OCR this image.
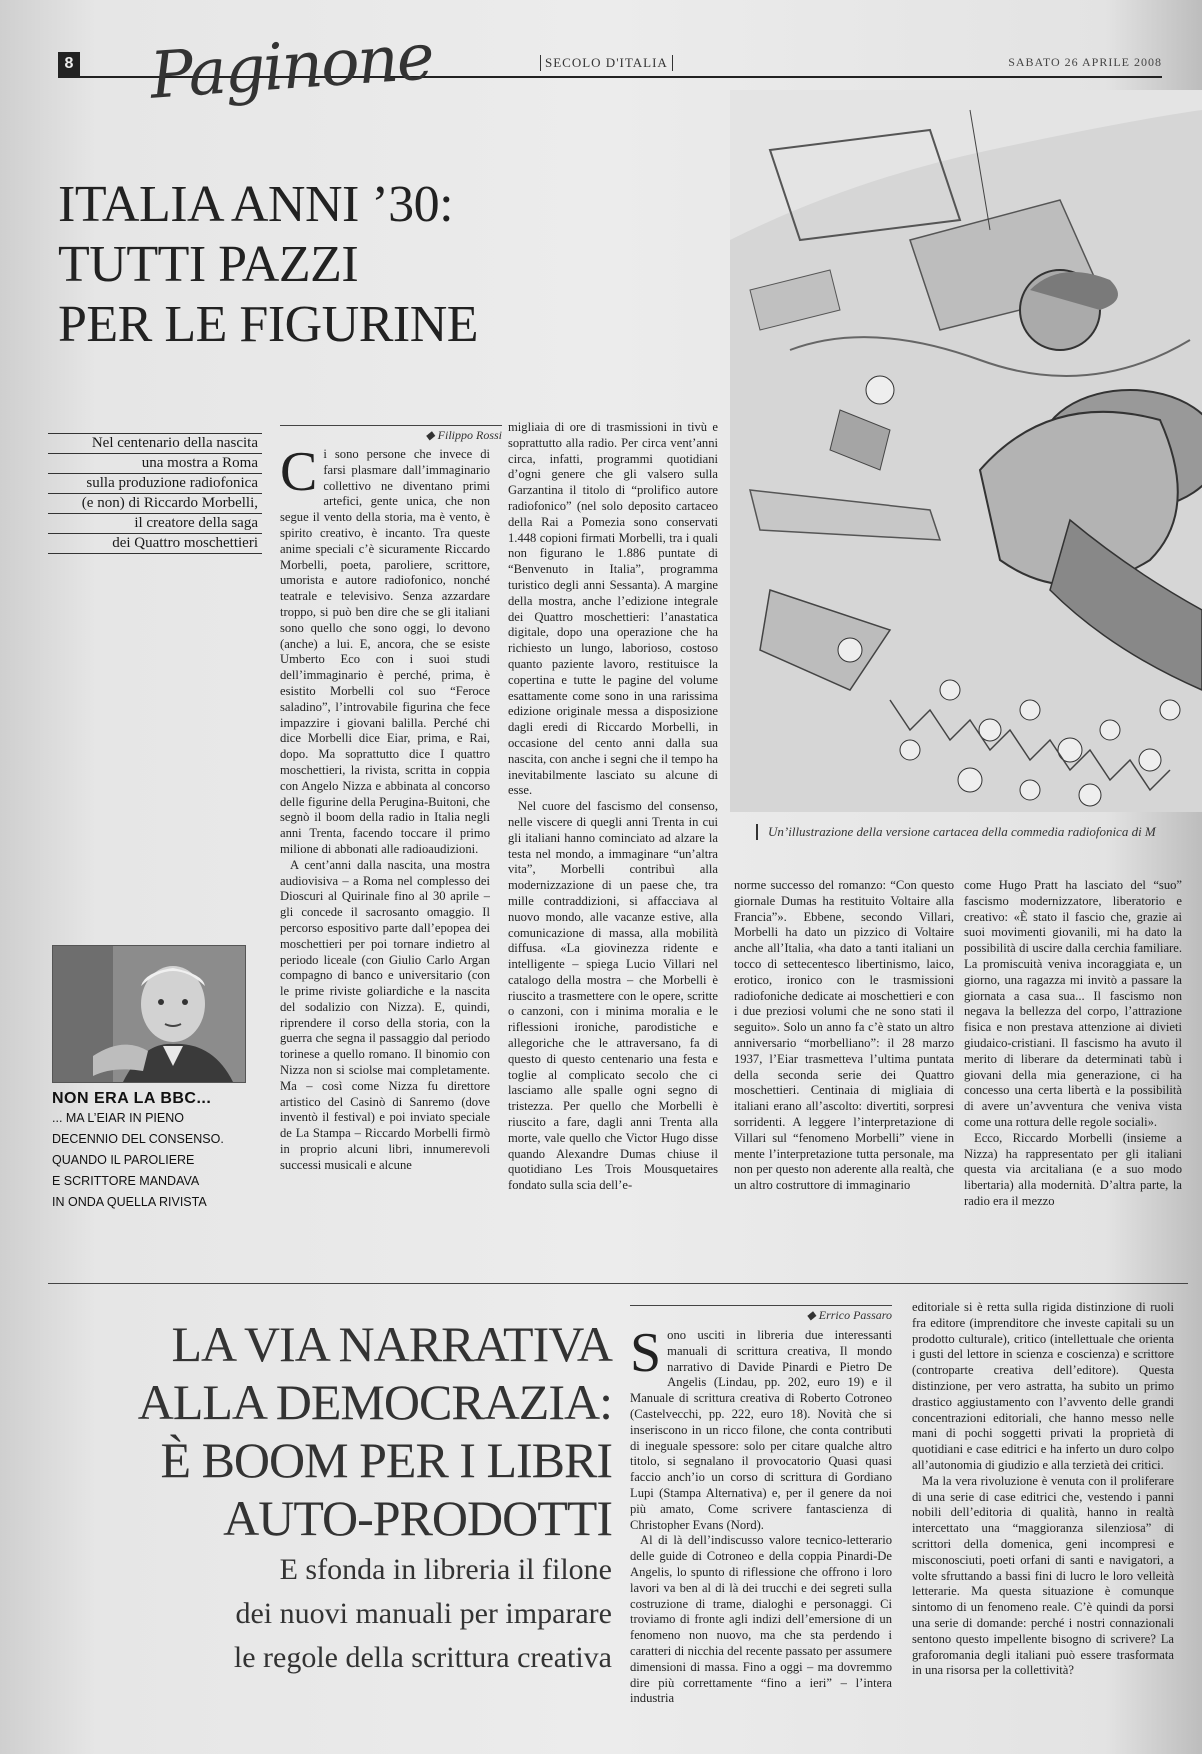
8 Paginone	SECOLO D'ITALIA	SABATO 26 APRILE 2008
ITALIA ANNI ’30:
TUTTI PAZZI
PER LE FIGURINE
Un’illustrazione della versione cartacea della commedia radiofonica di M
Nel centenario della nascita
una mostra a Roma
sulla produzione radiofonica
(e non) di Riccardo Morbelli,
il creatore della saga
dei Quattro moschettieri
◆ Filippo Rossi
C i sono persone che invece di farsi plasmare dall’immaginario collettivo ne diventano primi artefici, gente unica, che non segue il vento della storia, ma è vento, è spirito creativo, è incanto. Tra queste anime speciali c’è sicuramente Riccardo Morbelli, poeta, paroliere, scrittore, umorista e autore radiofonico, nonché teatrale e televisivo. Senza azzardare troppo, si può ben dire che se gli italiani sono quello che sono oggi, lo devono (anche) a lui. E, ancora, che se esiste Umberto Eco con i suoi studi dell’immaginario è perché, prima, è esistito Morbelli col suo “Feroce saladino”, l’introvabile figurina che fece impazzire i giovani balilla. Perché chi dice Morbelli dice Eiar, prima, e Rai, dopo. Ma soprattutto dice I quattro moschettieri, la rivista, scritta in coppia con Angelo Nizza e abbinata al concorso delle figurine della Perugina-Buitoni, che segnò il boom della radio in Italia negli anni Trenta, facendo toccare il primo milione di abbonati alle radioaudizioni.

A cent’anni dalla nascita, una mostra audiovisiva – a Roma nel complesso dei Dioscuri al Quirinale fino al 30 aprile – gli concede il sacrosanto omaggio. Il percorso espositivo parte dall’epopea dei moschettieri per poi tornare indietro al periodo liceale (con Giulio Carlo Argan compagno di banco e universitario (con le prime riviste goliardiche e la nascita del sodalizio con Nizza). E, quindi, riprendere il corso della storia, con la guerra che segna il passaggio dal periodo torinese a quello romano. Il binomio con Nizza non si sciolse mai completamente. Ma – così come Nizza fu direttore artistico del Casinò di Sanremo (dove inventò il festival) e poi inviato speciale de La Stampa – Riccardo Morbelli firmò in proprio alcuni libri, innumerevoli successi musicali e alcune

migliaia di ore di trasmissioni in tivù e soprattutto alla radio. Per circa vent’anni circa, infatti, programmi quotidiani d’ogni genere che gli valsero sulla Garzantina il titolo di “prolifico autore radiofonico” (nel solo deposito cartaceo della Rai a Pomezia sono conservati 1.448 copioni firmati Morbelli, tra i quali non figurano le 1.886 puntate di “Benvenuto in Italia”, programma turistico degli anni Sessanta). A margine della mostra, anche l’edizione integrale dei Quattro moschettieri: l’anastatica digitale, dopo una operazione che ha richiesto un lungo, laborioso, costoso quanto paziente lavoro, restituisce la copertina e tutte le pagine del volume esattamente come sono in una rarissima edizione originale messa a disposizione dagli eredi di Riccardo Morbelli, in occasione del cento anni dalla sua nascita, con anche i segni che il tempo ha inevitabilmente lasciato su alcune di esse.

Nel cuore del fascismo del consenso, nelle viscere di quegli anni Trenta in cui gli italiani hanno cominciato ad alzare la testa nel mondo, a immaginare “un’altra vita”, Morbelli contribuì alla modernizzazione di un paese che, tra mille contraddizioni, si affacciava al nuovo mondo, alle vacanze estive, alla comunicazione di massa, alla mobilità diffusa. «La giovinezza ridente e intelligente – spiega Lucio Villari nel catalogo della mostra – che Morbelli è riuscito a trasmettere con le opere, scritte o canzoni, con i minima moralia e le riflessioni ironiche, parodistiche e allegoriche che le attraversano, fa di questo di questo centenario una festa e toglie al complicato secolo che ci lasciamo alle spalle ogni segno di tristezza. Per quello che Morbelli è riuscito a fare, dagli anni Trenta alla morte, vale quello che Victor Hugo disse quando Alexandre Dumas chiuse il quotidiano Les Trois Mousquetaires fondato sulla scia dell’e-

norme successo del romanzo: “Con questo giornale Dumas ha restituito Voltaire alla Francia”». Ebbene, secondo Villari, Morbelli ha dato un pizzico di Voltaire anche all’Italia, «ha dato a tanti italiani un tocco di settecentesco libertinismo, laico, erotico, ironico con le trasmissioni radiofoniche dedicate ai moschettieri e con i due preziosi volumi che ne sono stati il seguito». Solo un anno fa c’è stato un altro anniversario “morbelliano”: il 28 marzo 1937, l’Eiar trasmetteva l’ultima puntata della seconda serie dei Quattro moschettieri. Centinaia di migliaia di italiani erano all’ascolto: divertiti, sorpresi sorridenti. A leggere l’interpretazione di Villari sul “fenomeno Morbelli” viene in mente l’interpretazione tutta personale, ma non per questo non aderente alla realtà, che un altro costruttore di immaginario

come Hugo Pratt ha lasciato del “suo” fascismo modernizzatore, liberatorio e creativo: «È stato il fascio che, grazie ai suoi movimenti giovanili, mi ha dato la possibilità di uscire dalla cerchia familiare. La promiscuità veniva incoraggiata e, un giorno, una ragazza mi invitò a passare la giornata a casa sua... Il fascismo non negava la bellezza del corpo, l’attrazione fisica e non prestava attenzione ai divieti giudaico-cristiani. Il fascismo ha avuto il merito di liberare da determinati tabù i giovani della mia generazione, ci ha concesso una certa libertà e la possibilità di avere un’avventura che veniva vista come una rottura delle regole sociali».

Ecco, Riccardo Morbelli (insieme a Nizza) ha rappresentato per gli italiani questa via arcitaliana (e a suo modo libertaria) alla modernità. D’altra parte, la radio era il mezzo

NON ERA LA BBC...
... MA L’EIAR IN PIENO
DECENNIO DEL CONSENSO.
QUANDO IL PAROLIERE
E SCRITTORE MANDAVA
IN ONDA QUELLA RIVISTA
LA VIA NARRATIVA
ALLA DEMOCRAZIA:
È BOOM PER I LIBRI
AUTO-PRODOTTI
E sfonda in libreria il filone
dei nuovi manuali per imparare
le regole della scrittura creativa
◆ Errico Passaro
S ono usciti in libreria due interessanti manuali di scrittura creativa, Il mondo narrativo di Davide Pinardi e Pietro De Angelis (Lindau, pp. 202, euro 19) e il Manuale di scrittura creativa di Roberto Cotroneo (Castelvecchi, pp. 222, euro 18). Novità che si inseriscono in un ricco filone, che conta contributi di ineguale spessore: solo per citare qualche altro titolo, si segnalano il provocatorio Quasi quasi faccio anch’io un corso di scrittura di Gordiano Lupi (Stampa Alternativa) e, per il genere da noi più amato, Come scrivere fantascienza di Christopher Evans (Nord).

Al di là dell’indiscusso valore tecnico-letterario delle guide di Cotroneo e della coppia Pinardi-De Angelis, lo spunto di riflessione che offrono i loro lavori va ben al di là dei trucchi e dei segreti sulla costruzione di trame, dialoghi e personaggi. Ci troviamo di fronte agli indizi dell’emersione di un fenomeno non nuovo, ma che sta perdendo i caratteri di nicchia del recente passato per assumere dimensioni di massa. Fino a oggi – ma dovremmo dire più correttamente “fino a ieri” – l’intera industria

editoriale si è retta sulla rigida distinzione di ruoli fra editore (imprenditore che investe capitali su un prodotto culturale), critico (intellettuale che orienta i gusti del lettore in scienza e coscienza) e scrittore (controparte creativa dell’editore). Questa distinzione, per vero astratta, ha subito un primo drastico aggiustamento con l’avvento delle grandi concentrazioni editoriali, che hanno messo nelle mani di pochi soggetti privati la proprietà di quotidiani e case editrici e ha inferto un duro colpo all’autonomia di giudizio e alla terzietà dei critici.

Ma la vera rivoluzione è venuta con il proliferare di una serie di case editrici che, vestendo i panni nobili dell’editoria di qualità, hanno in realtà intercettato una “maggioranza silenziosa” di scrittori della domenica, geni incompresi e misconosciuti, poeti orfani di santi e navigatori, a volte sfruttando a bassi fini di lucro le loro velleità letterarie. Ma questa situazione è comunque sintomo di un fenomeno reale. C’è quindi da porsi una serie di domande: perché i nostri connazionali sentono questo impellente bisogno di scrivere? La graforomania degli italiani può essere trasformata in una risorsa per la collettività?
